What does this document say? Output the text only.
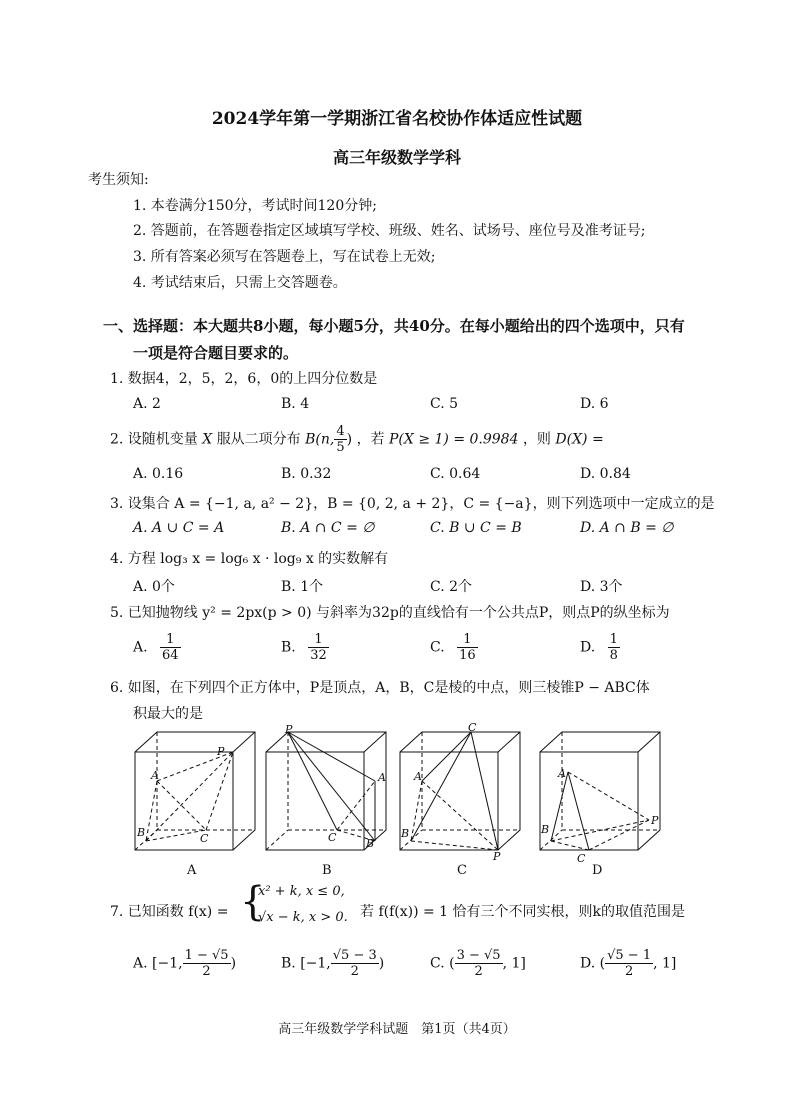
2024学年第一学期浙江省名校协作体适应性试题
高三年级数学学科
考生须知:
1. 本卷满分150分，考试时间120分钟;
2. 答题前，在答题卷指定区域填写学校、班级、姓名、试场号、座位号及准考证号;
3. 所有答案必须写在答题卷上，写在试卷上无效;
4. 考试结束后，只需上交答题卷。
一、选择题：本大题共8小题，每小题5分，共40分。在每小题给出的四个选项中，只有
一项是符合题目要求的。
1. 数据4，2，5，2，6，0的上四分位数是
A. 2	B. 4	C. 5	D. 6
2. 设随机变量 X 服从二项分布 B(n, $\frac{4}{5}$ ) ，若 P(X ≥ 1) = 0.9984 ，则 D(X) =
A. 0.16	B. 0.32	C. 0.64	D. 0.84
3. 设集合 A = {−1, a, a² − 2}，B = {0, 2, a + 2}，C = {−a}，则下列选项中一定成立的是
A. A ∪ C = A	B. A ∩ C = ∅	C. B ∪ C = B	D. A ∩ B = ∅
4. 方程 log₃ x = log₆ x · log₉ x 的实数解有
A. 0个	B. 1个	C. 2个	D. 3个
5. 已知抛物线 y² = 2px(p > 0) 与斜率为32p的直线恰有一个公共点P，则点P的纵坐标为
A. $\frac{1}{64}$	B. $\frac{1}{32}$	C. $\frac{1}{16}$	D. $\frac{1}{8}$
6. 如图，在下列四个正方体中，P是顶点，A，B，C是棱的中点，则三棱锥P − ABC体
积最大的是
P
A
B	C
P
A
B
C
P
A
B
C
P
A
B
C
A	B	C	D
7. 已知函数 f(x) = {
x² + k, x ≤ 0,
√x − k, x > 0. 若 f(f(x)) = 1 恰有三个不同实根，则k的取值范围是
A. [−1, $\frac{1 - √5}{2}$ )	B. [−1, $\frac{√5 - 3}{2}$ )	C. ( $\frac{3 - √5}{2}$ , 1]	D. ( $\frac{√5 - 1}{2}$ , 1]
高三年级数学学科试题　第1页（共4页）
